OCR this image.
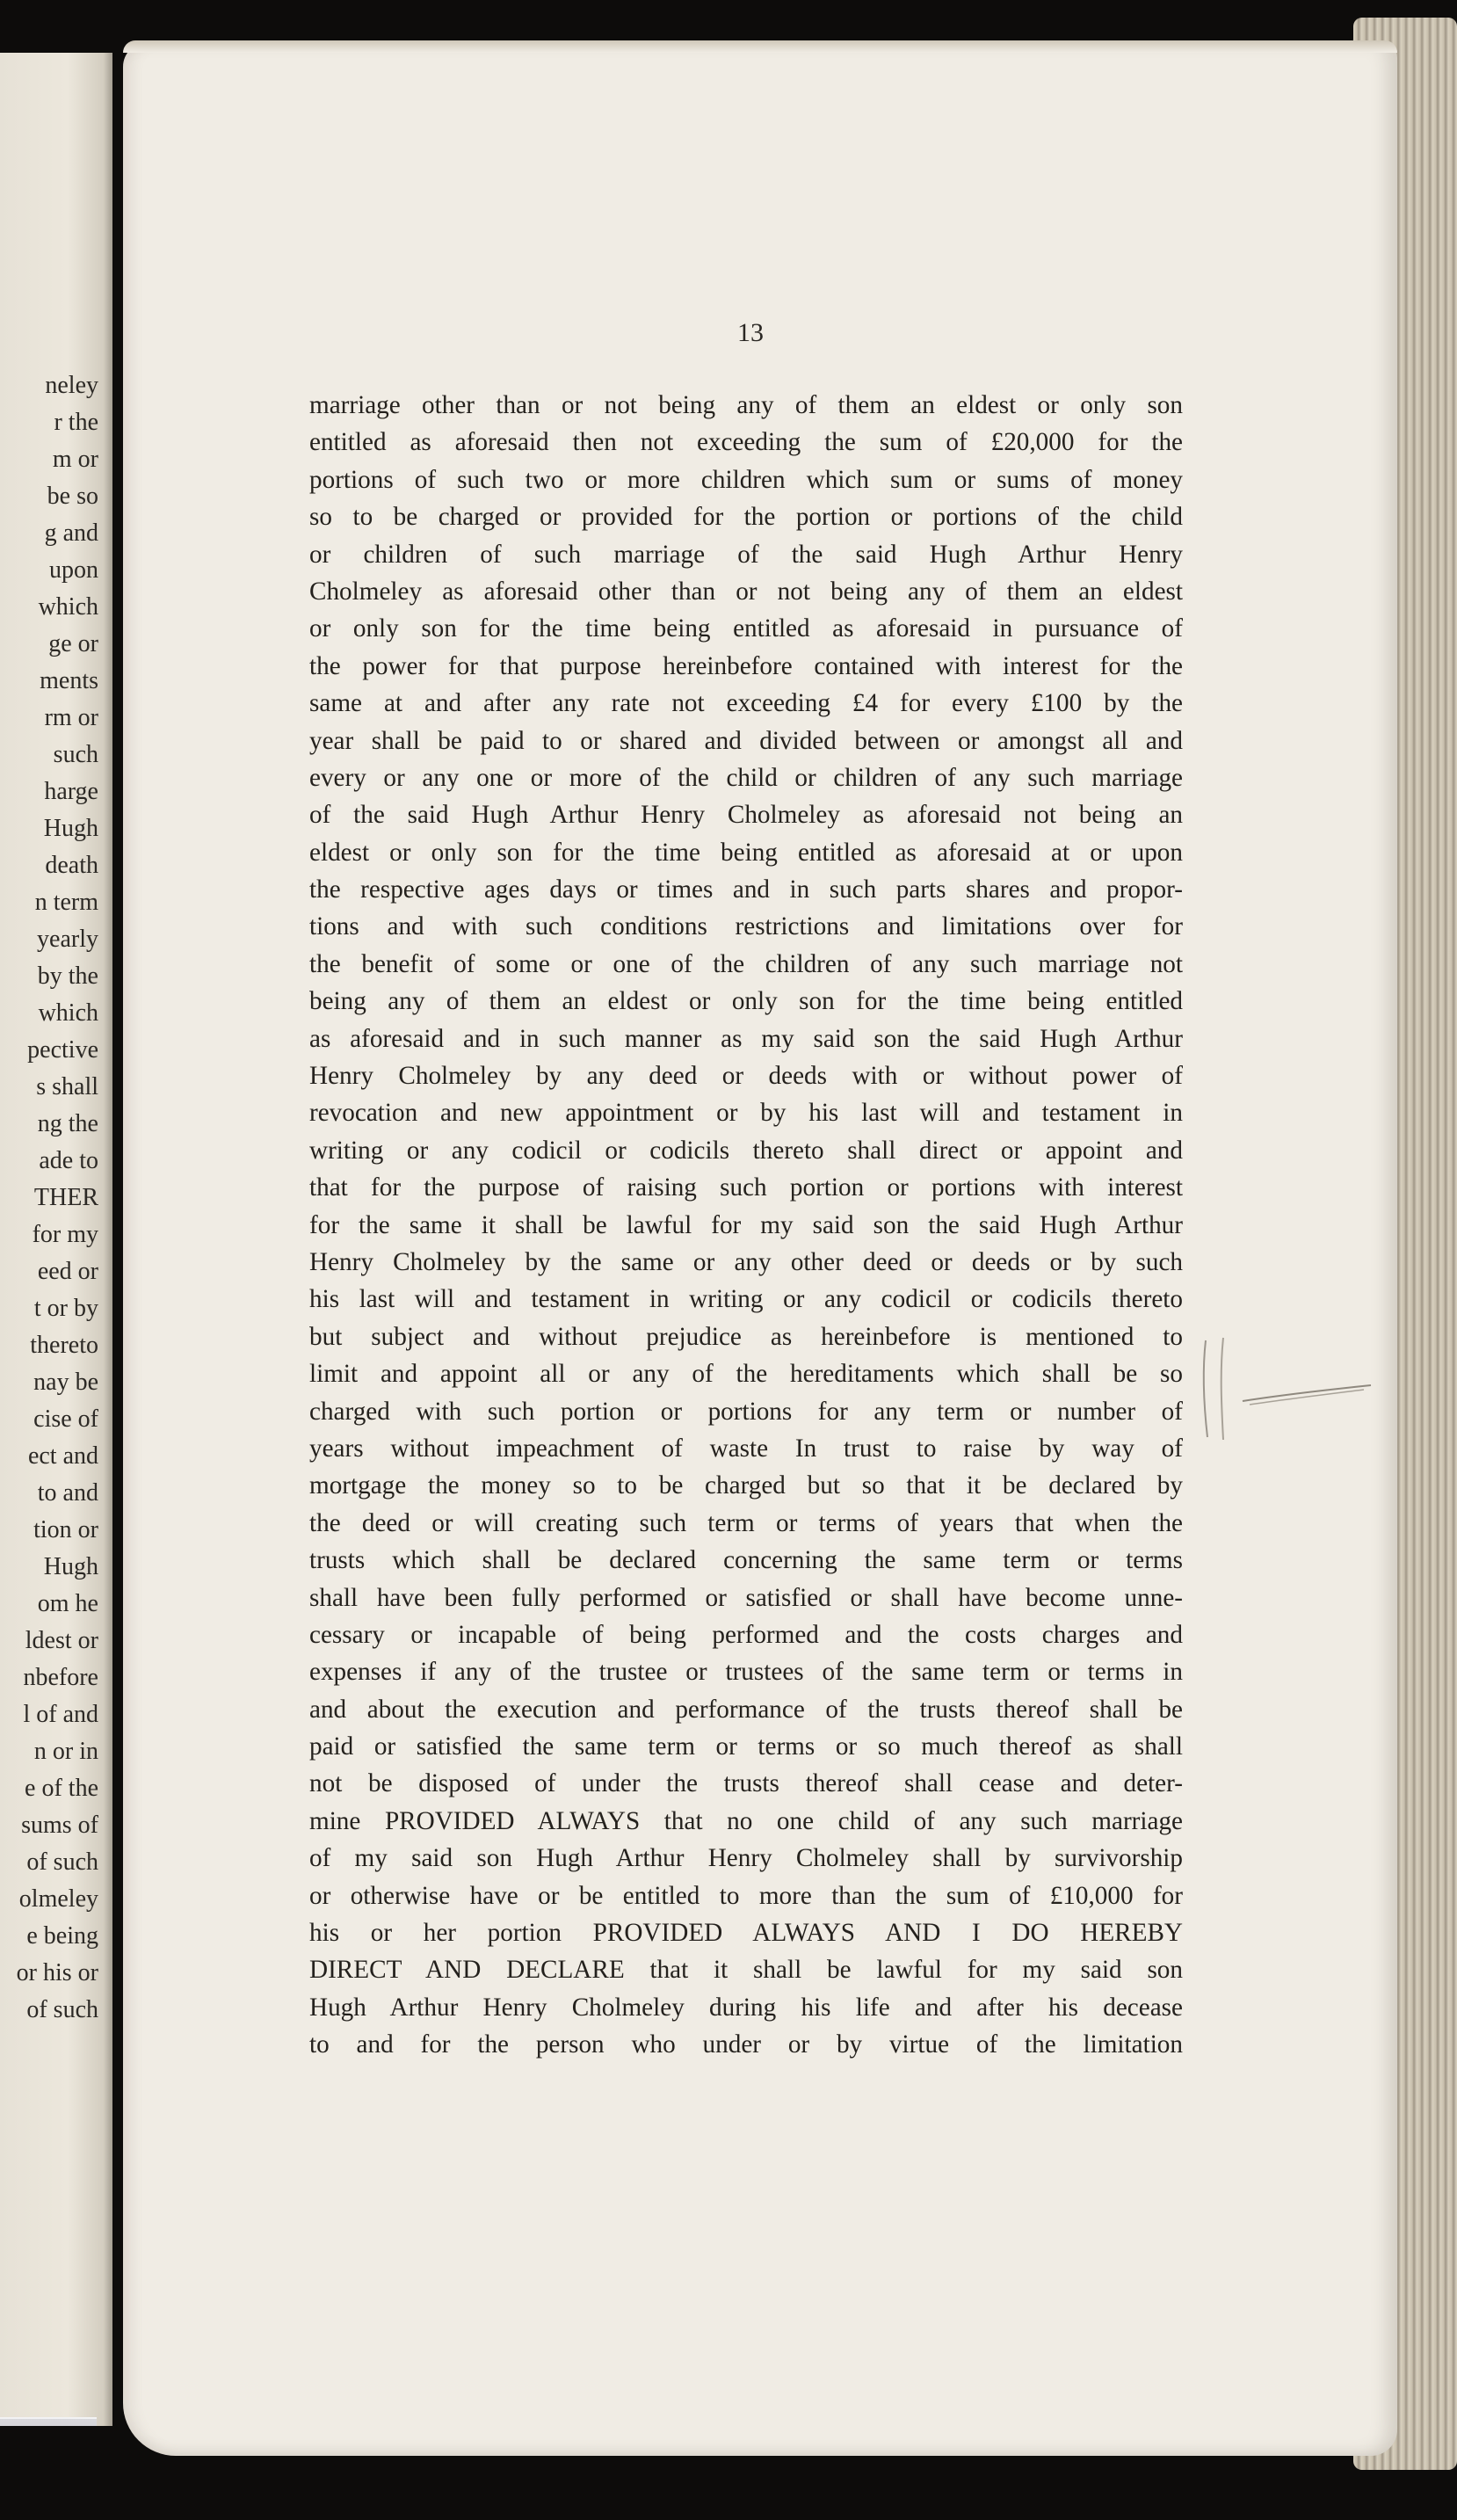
neley
r the
m or
be so
g and
upon
which
ge or
ments
rm or
such
harge
Hugh
death
n term
yearly
by the
which
pective
s shall
ng the
ade to
THER
for my
eed or
t or by
thereto
nay be
cise of
ect and
to and
tion or
Hugh
om he
ldest or
nbefore
l of and
n or in
e of the
sums of
of such
olmeley
e being
or his or
of such
13
marriage other than or not being any of them an eldest or only son
entitled as aforesaid then not exceeding the sum of £20,000 for the
portions of such two or more children which sum or sums of money
so to be charged or provided for the portion or portions of the child
or children of such marriage of the said Hugh Arthur Henry
Cholmeley as aforesaid other than or not being any of them an eldest
or only son for the time being entitled as aforesaid in pursuance of
the power for that purpose hereinbefore contained with interest for the
same at and after any rate not exceeding £4 for every £100 by the
year shall be paid to or shared and divided between or amongst all and
every or any one or more of the child or children of any such marriage
of the said Hugh Arthur Henry Cholmeley as aforesaid not being an
eldest or only son for the time being entitled as aforesaid at or upon
the respective ages days or times and in such parts shares and propor-
tions and with such conditions restrictions and limitations over for
the benefit of some or one of the children of any such marriage not
being any of them an eldest or only son for the time being entitled
as aforesaid and in such manner as my said son the said Hugh Arthur
Henry Cholmeley by any deed or deeds with or without power of
revocation and new appointment or by his last will and testament in
writing or any codicil or codicils thereto shall direct or appoint and
that for the purpose of raising such portion or portions with interest
for the same it shall be lawful for my said son the said Hugh Arthur
Henry Cholmeley by the same or any other deed or deeds or by such
his last will and testament in writing or any codicil or codicils thereto
but subject and without prejudice as hereinbefore is mentioned to
limit and appoint all or any of the hereditaments which shall be so
charged with such portion or portions for any term or number of
years without impeachment of waste In trust to raise by way of
mortgage the money so to be charged but so that it be declared by
the deed or will creating such term or terms of years that when the
trusts which shall be declared concerning the same term or terms
shall have been fully performed or satisfied or shall have become unne-
cessary or incapable of being performed and the costs charges and
expenses if any of the trustee or trustees of the same term or terms in
and about the execution and performance of the trusts thereof shall be
paid or satisfied the same term or terms or so much thereof as shall
not be disposed of under the trusts thereof shall cease and deter-
mine PROVIDED ALWAYS that no one child of any such marriage
of my said son Hugh Arthur Henry Cholmeley shall by survivorship
or otherwise have or be entitled to more than the sum of £10,000 for
his or her portion PROVIDED ALWAYS AND I DO HEREBY
DIRECT AND DECLARE that it shall be lawful for my said son
Hugh Arthur Henry Cholmeley during his life and after his decease
to and for the person who under or by virtue of the limitation
